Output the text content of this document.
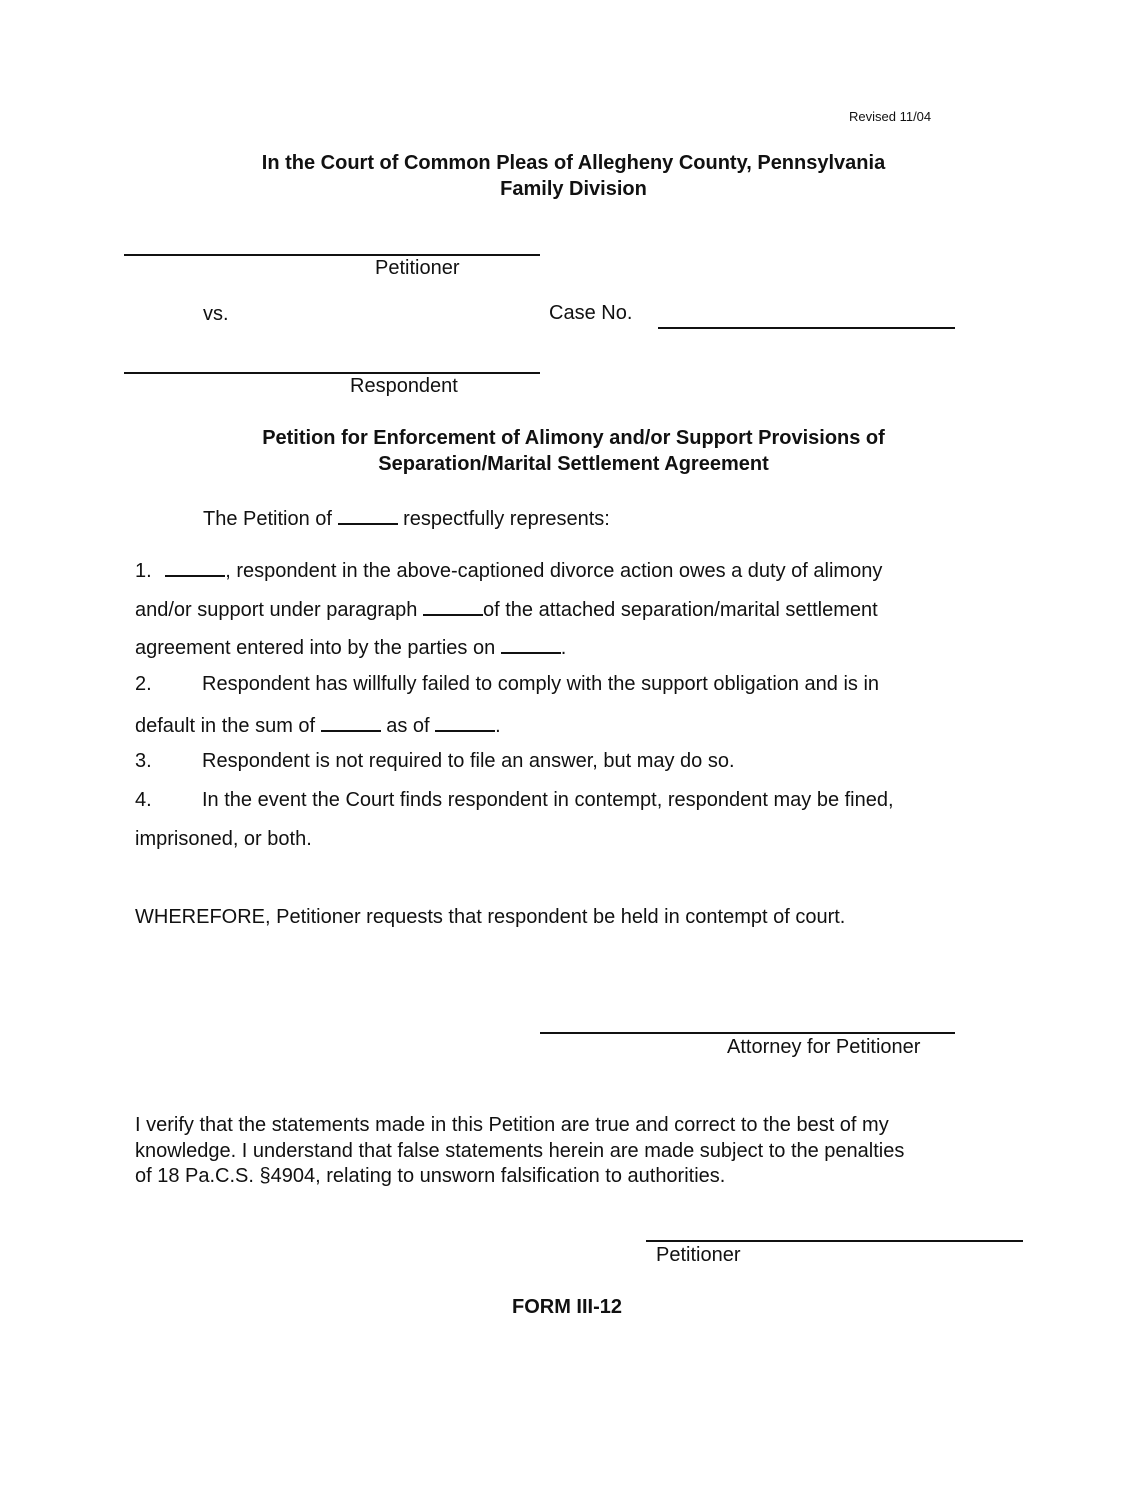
Revised 11/04
In the Court of Common Pleas of Allegheny County, Pennsylvania
Family Division
Petitioner
vs.	Case No.
Respondent
Petition for Enforcement of Alimony and/or Support Provisions of
Separation/Marital Settlement Agreement
The Petition of	respectfully represents:
1.	, respondent in the above-captioned divorce action owes a duty of alimony
and/or support under paragraph	of the attached separation/marital settlement
agreement entered into by the parties on	.
2.	Respondent has willfully failed to comply with the support obligation and is in
default in the sum of	as of	.
3.	Respondent is not required to file an answer, but may do so.
4.	In the event the Court finds respondent in contempt, respondent may be fined,
imprisoned, or both.
WHEREFORE, Petitioner requests that respondent be held in contempt of court.
Attorney for Petitioner
I verify that the statements made in this Petition are true and correct to the best of my
knowledge. I understand that false statements herein are made subject to the penalties
of 18 Pa.C.S. §4904, relating to unsworn falsification to authorities.
Petitioner
FORM III-12
